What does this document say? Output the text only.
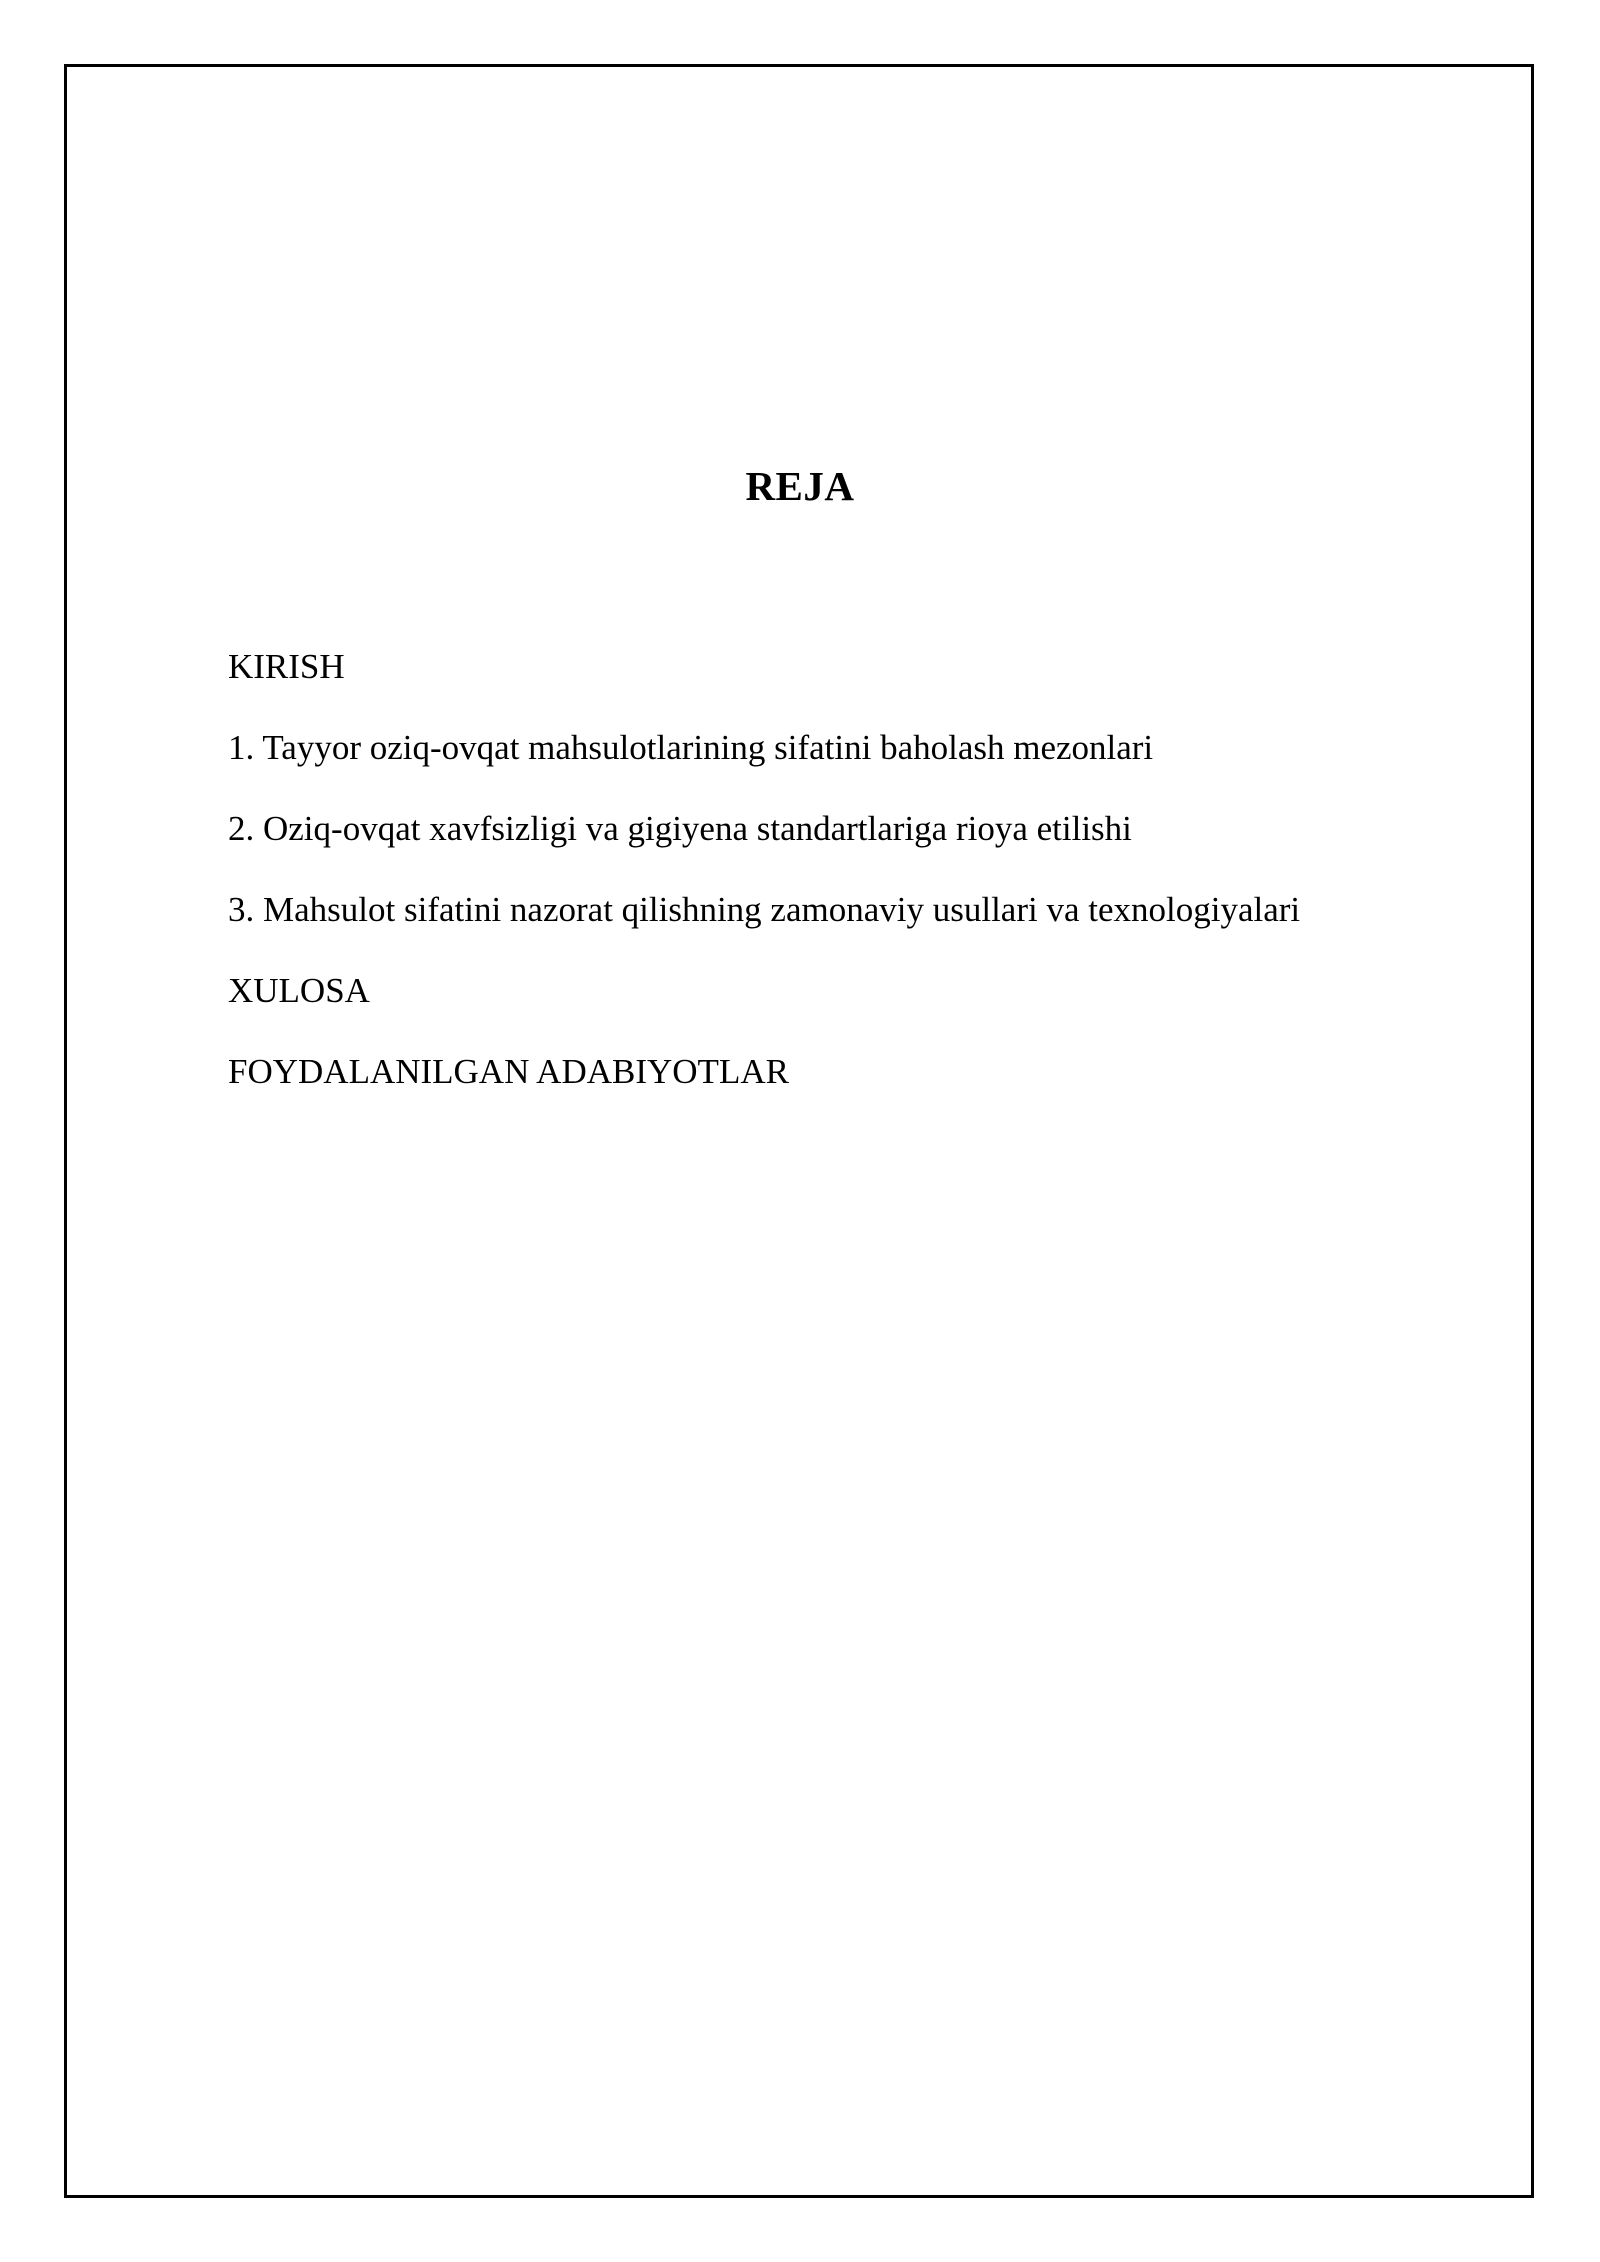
REJA
KIRISH
1. Tayyor oziq-ovqat mahsulotlarining sifatini baholash mezonlari
2. Oziq-ovqat xavfsizligi va gigiyena standartlariga rioya etilishi
3. Mahsulot sifatini nazorat qilishning zamonaviy usullari va texnologiyalari
XULOSA
FOYDALANILGAN ADABIYOTLAR
